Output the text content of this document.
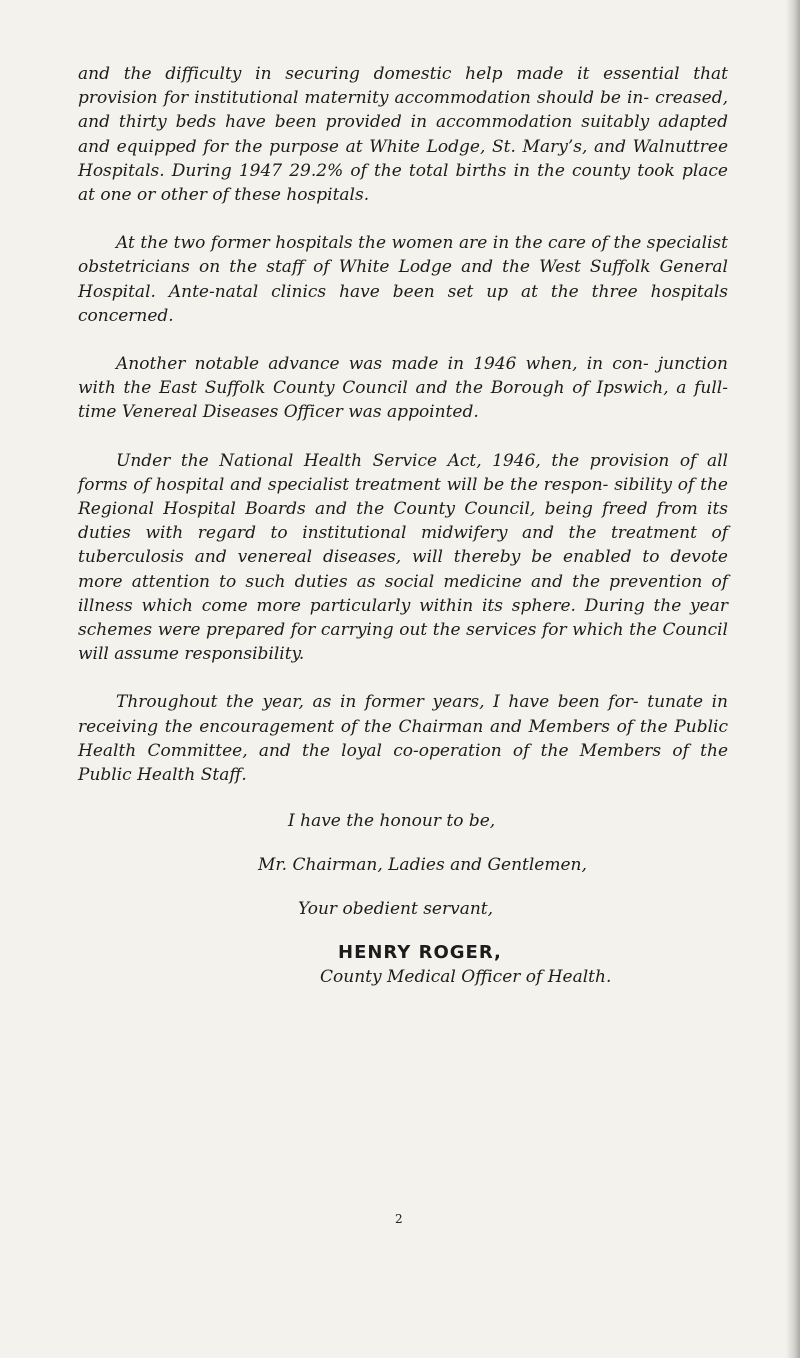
and the difficulty in securing domestic help made it essential that provision for institutional maternity accommodation should be in- creased, and thirty beds have been provided in accommodation suitably adapted and equipped for the purpose at White Lodge, St. Mary’s, and Walnuttree Hospitals. During 1947 29.2% of the total births in the county took place at one or other of these hospitals.

At the two former hospitals the women are in the care of the specialist obstetricians on the staff of White Lodge and the West Suffolk General Hospital. Ante-natal clinics have been set up at the three hospitals concerned.

Another notable advance was made in 1946 when, in con- junction with the East Suffolk County Council and the Borough of Ipswich, a full-time Venereal Diseases Officer was appointed.

Under the National Health Service Act, 1946, the provision of all forms of hospital and specialist treatment will be the respon- sibility of the Regional Hospital Boards and the County Council, being freed from its duties with regard to institutional midwifery and the treatment of tuberculosis and venereal diseases, will thereby be enabled to devote more attention to such duties as social medicine and the prevention of illness which come more particularly within its sphere. During the year schemes were prepared for carrying out the services for which the Council will assume responsibility.

Throughout the year, as in former years, I have been for- tunate in receiving the encouragement of the Chairman and Members of the Public Health Committee, and the loyal co-operation of the Members of the Public Health Staff.

I have the honour to be,
Mr. Chairman, Ladies and Gentlemen,
Your obedient servant,
HENRY ROGER,
County Medical Officer of Health.
2
